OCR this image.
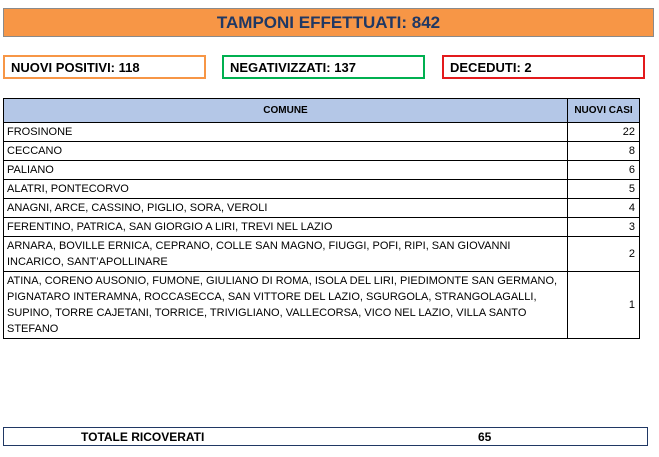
TAMPONI EFFETTUATI: 842
NUOVI POSITIVI: 118	NEGATIVIZZATI: 137	DECEDUTI: 2
COMUNE	NUOVI CASI
FROSINONE	22
CECCANO	8
PALIANO	6
ALATRI, PONTECORVO	5
ANAGNI, ARCE, CASSINO, PIGLIO, SORA, VEROLI	4
FERENTINO, PATRICA, SAN GIORGIO A LIRI, TREVI NEL LAZIO	3
ARNARA, BOVILLE ERNICA, CEPRANO, COLLE SAN MAGNO, FIUGGI, POFI, RIPI, SAN GIOVANNI INCARICO, SANT’APOLLINARE	2
ATINA, CORENO AUSONIO, FUMONE, GIULIANO DI ROMA, ISOLA DEL LIRI, PIEDIMONTE SAN GERMANO, PIGNATARO INTERAMNA, ROCCASECCA, SAN VITTORE DEL LAZIO, SGURGOLA, STRANGOLAGALLI, SUPINO, TORRE CAJETANI, TORRICE, TRIVIGLIANO, VALLECORSA, VICO NEL LAZIO, VILLA SANTO STEFANO	1
TOTALE RICOVERATI	65
